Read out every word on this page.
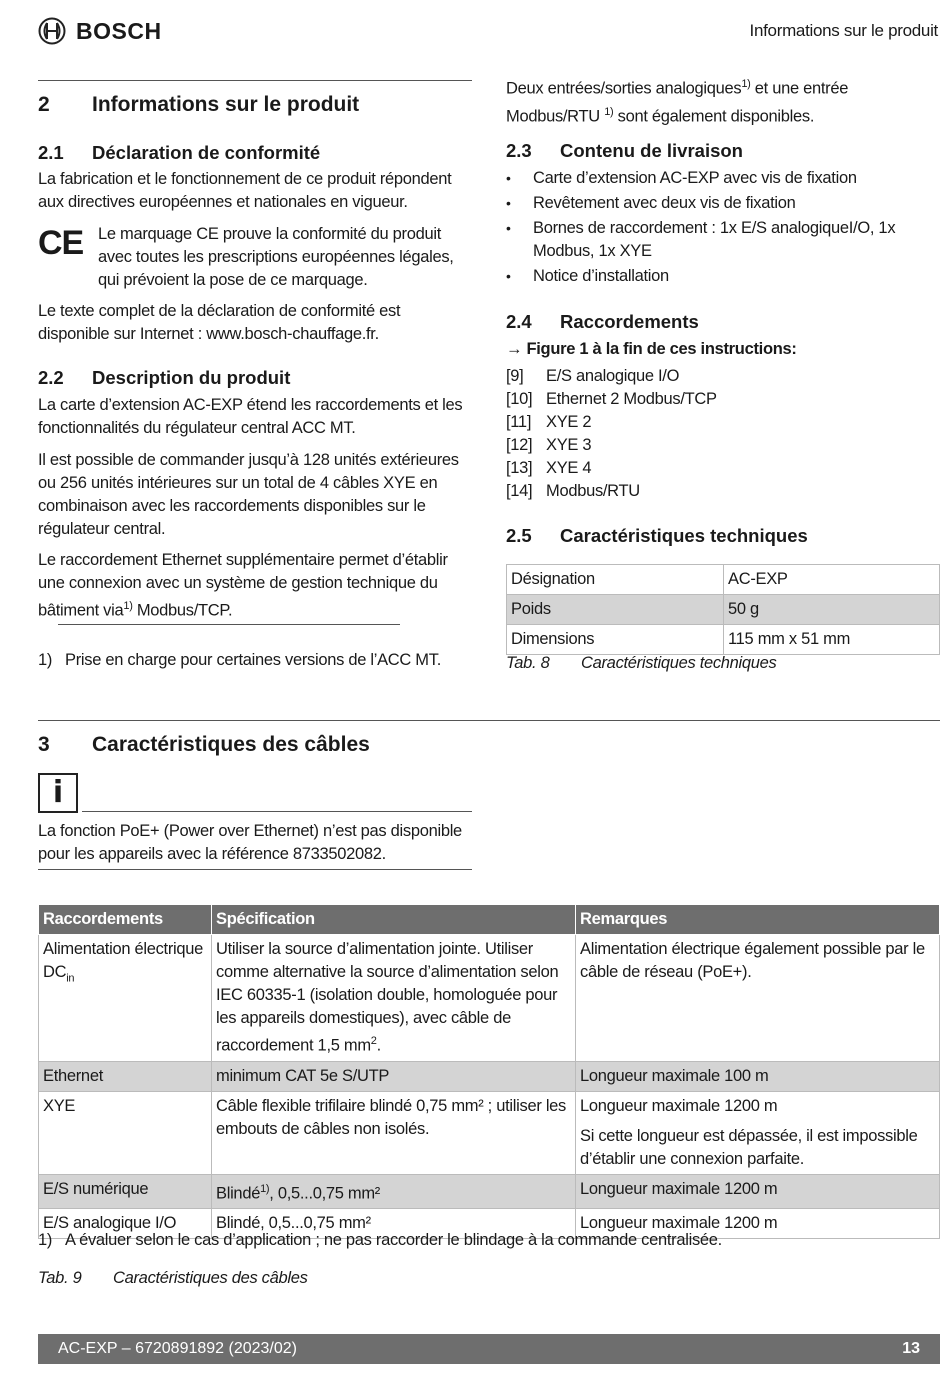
BOSCH	Informations sur le produit
2 Informations sur le produit
2.1 Déclaration de conformité
La fabrication et le fonctionnement de ce produit répondent aux directives européennes et nationales en vigueur.
CE Le marquage CE prouve la conformité du produit avec toutes les prescriptions européennes légales, qui prévoient la pose de ce marquage.
Le texte complet de la déclaration de conformité est disponible sur Internet : www.bosch-chauffage.fr.
2.2 Description du produit
La carte d’extension AC-EXP étend les raccordements et les fonctionnalités du régulateur central ACC MT.
Il est possible de commander jusqu’à 128 unités extérieures ou 256 unités intérieures sur un total de 4 câbles XYE en combinaison avec les raccordements disponibles sur le régulateur central.
Le raccordement Ethernet supplémentaire permet d’établir une connexion avec un système de gestion technique du bâtiment via$^{1)}$ Modbus/TCP.
1) Prise en charge pour certaines versions de l’ACC MT.
Deux entrées/sorties analogiques$^{1)}$ et une entrée Modbus/RTU $^{1)}$ sont également disponibles.
2.3 Contenu de livraison
• Carte d’extension AC-EXP avec vis de fixation
• Revêtement avec deux vis de fixation
• Bornes de raccordement : 1x E/S analogiqueI/O, 1x Modbus, 1x XYE
• Notice d’installation
2.4 Raccordements
→ Figure 1 à la fin de ces instructions:
[9]	E/S analogique I/O
[10] Ethernet 2 Modbus/TCP
[11] XYE 2
[12] XYE 3
[13] XYE 4
[14] Modbus/RTU
2.5 Caractéristiques techniques
Désignation	AC-EXP
Poids	50 g
Dimensions	115 mm x 51 mm
Tab. 8 Caractéristiques techniques
3 Caractéristiques des câbles
i
La fonction PoE+ (Power over Ethernet) n’est pas disponible pour les appareils avec la référence 8733502082.
Raccordements	Spécification	Remarques
Alimentation électrique $DC_{in}$	Utiliser la source d’alimentation jointe. Utiliser comme alternative la source d’alimentation selon IEC 60335-1 (isolation double, homologuée pour les appareils domestiques), avec câble de raccordement 1,5 $mm^2$.	Alimentation électrique également possible par le câble de réseau (PoE+).
Ethernet	minimum CAT 5e S/UTP	Longueur maximale 100 m
XYE	Câble flexible trifilaire blindé 0,75 mm² ; utiliser les embouts de câbles non isolés.	Longueur maximale 1200 m
Si cette longueur est dépassée, il est impossible d’établir une connexion parfaite.

E/S numérique	Blindé$^{1)}$, 0,5...0,75 mm²	Longueur maximale 1200 m
E/S analogique I/O	Blindé, 0,5...0,75 mm²	Longueur maximale 1200 m
1) A évaluer selon le cas d’application ; ne pas raccorder le blindage à la commande centralisée.
Tab. 9 Caractéristiques des câbles
AC-EXP – 6720891892 (2023/02)	13
